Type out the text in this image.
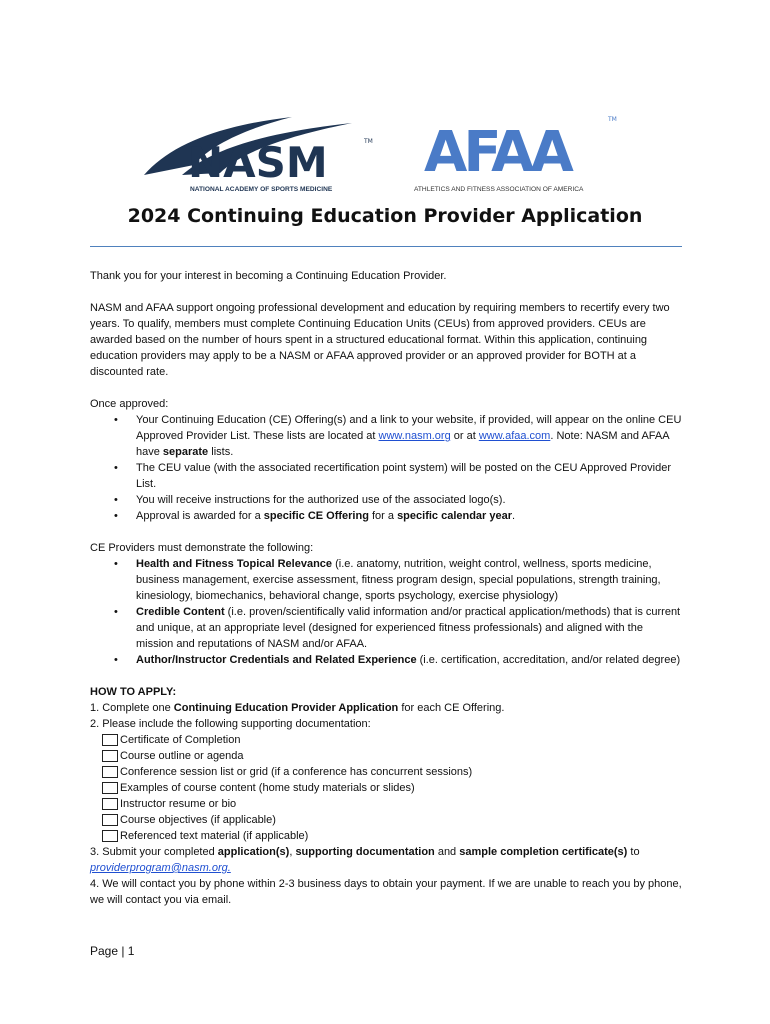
NASM	TM
NATIONAL ACADEMY OF SPORTS MEDICINE
AFAA
TM
ATHLETICS AND FITNESS ASSOCIATION OF AMERICA
2024 Continuing Education Provider Application

Thank you for your interest in becoming a Continuing Education Provider.

NASM and AFAA support ongoing professional development and education by requiring members to recertify every two years. To qualify, members must complete Continuing Education Units (CEUs) from approved providers. CEUs are awarded based on the number of hours spent in a structured educational format. Within this application, continuing education providers may apply to be a NASM or AFAA approved provider or an approved provider for BOTH at a discounted rate.

Once approved:

• Your Continuing Education (CE) Offering(s) and a link to your website, if provided, will appear on the online CEU Approved Provider List. These lists are located at www.nasm.org or at www.afaa.com. Note: NASM and AFAA have separate lists.
• The CEU value (with the associated recertification point system) will be posted on the CEU Approved Provider List.
• You will receive instructions for the authorized use of the associated logo(s).
• Approval is awarded for a specific CE Offering for a specific calendar year.

CE Providers must demonstrate the following:

• Health and Fitness Topical Relevance (i.e. anatomy, nutrition, weight control, wellness, sports medicine, business management, exercise assessment, fitness program design, special populations, strength training, kinesiology, biomechanics, behavioral change, sports psychology, exercise physiology)
• Credible Content (i.e. proven/scientifically valid information and/or practical application/methods) that is current and unique, at an appropriate level (designed for experienced fitness professionals) and aligned with the mission and reputations of NASM and/or AFAA.
• Author/Instructor Credentials and Related Experience (i.e. certification, accreditation, and/or related degree)

HOW TO APPLY:

1. Complete one Continuing Education Provider Application for each CE Offering.

2. Please include the following supporting documentation:

Certificate of Completion
Course outline or agenda
Conference session list or grid (if a conference has concurrent sessions)
Examples of course content (home study materials or slides)
Instructor resume or bio
Course objectives (if applicable)
Referenced text material (if applicable)

3. Submit your completed application(s), supporting documentation and sample completion certificate(s) to
providerprogram@nasm.org.

4. We will contact you by phone within 2-3 business days to obtain your payment. If we are unable to reach you by phone, we will contact you via email.

Page | 1
